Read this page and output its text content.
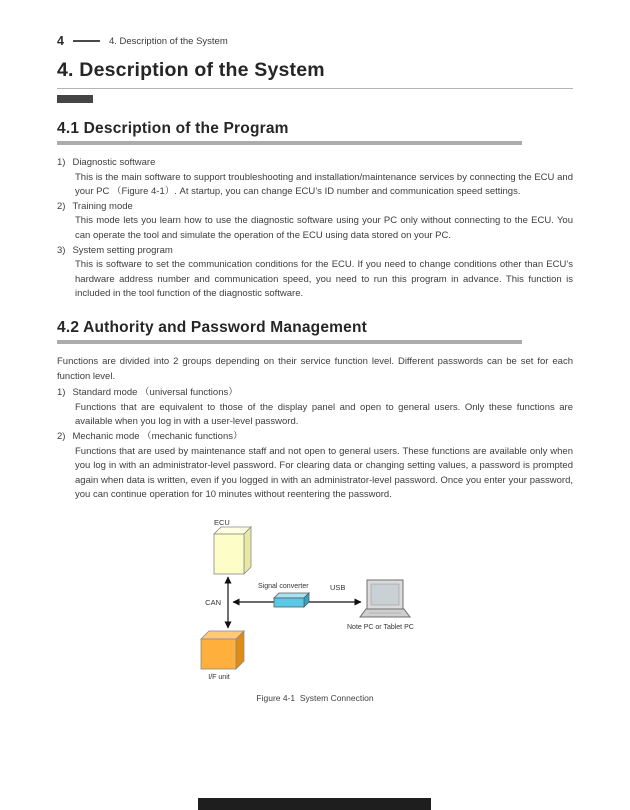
4	4. Description of the System
4. Description of the System
4.1 Description of the Program
1) Diagnostic software

This is the main software to support troubleshooting and installation/maintenance services by connecting the ECU and your PC （Figure 4-1）. At startup, you can change ECU’s ID number and communication speed settings.

2) Training mode

This mode lets you learn how to use the diagnostic software using your PC only without connecting to the ECU. You can operate the tool and simulate the operation of the ECU using data stored on your PC.

3) System setting program

This is software to set the communication conditions for the ECU. If you need to change conditions other than ECU’s hardware address number and communication speed, you need to run this program in advance. This function is included in the tool function of the diagnostic software.

4.2 Authority and Password Management

Functions are divided into 2 groups depending on their service function level. Different passwords can be set for each function level.

1) Standard mode （universal functions）

Functions that are equivalent to those of the display panel and open to general users. Only these functions are available when you log in with a user-level password.

2) Mechanic mode （mechanic functions）

Functions that are used by maintenance staff and not open to general users. These functions are available only when you log in with an administrator-level password. For clearing data or changing setting values, a password is prompted again when data is written, even if you logged in with an administrator-level password. Once you enter your password, you can continue operation for 10 minutes without reentering the password.

ECU
CAN
Signal converter	USB
Note PC or Tablet PC
I/F unit

Figure 4-1  System Connection
